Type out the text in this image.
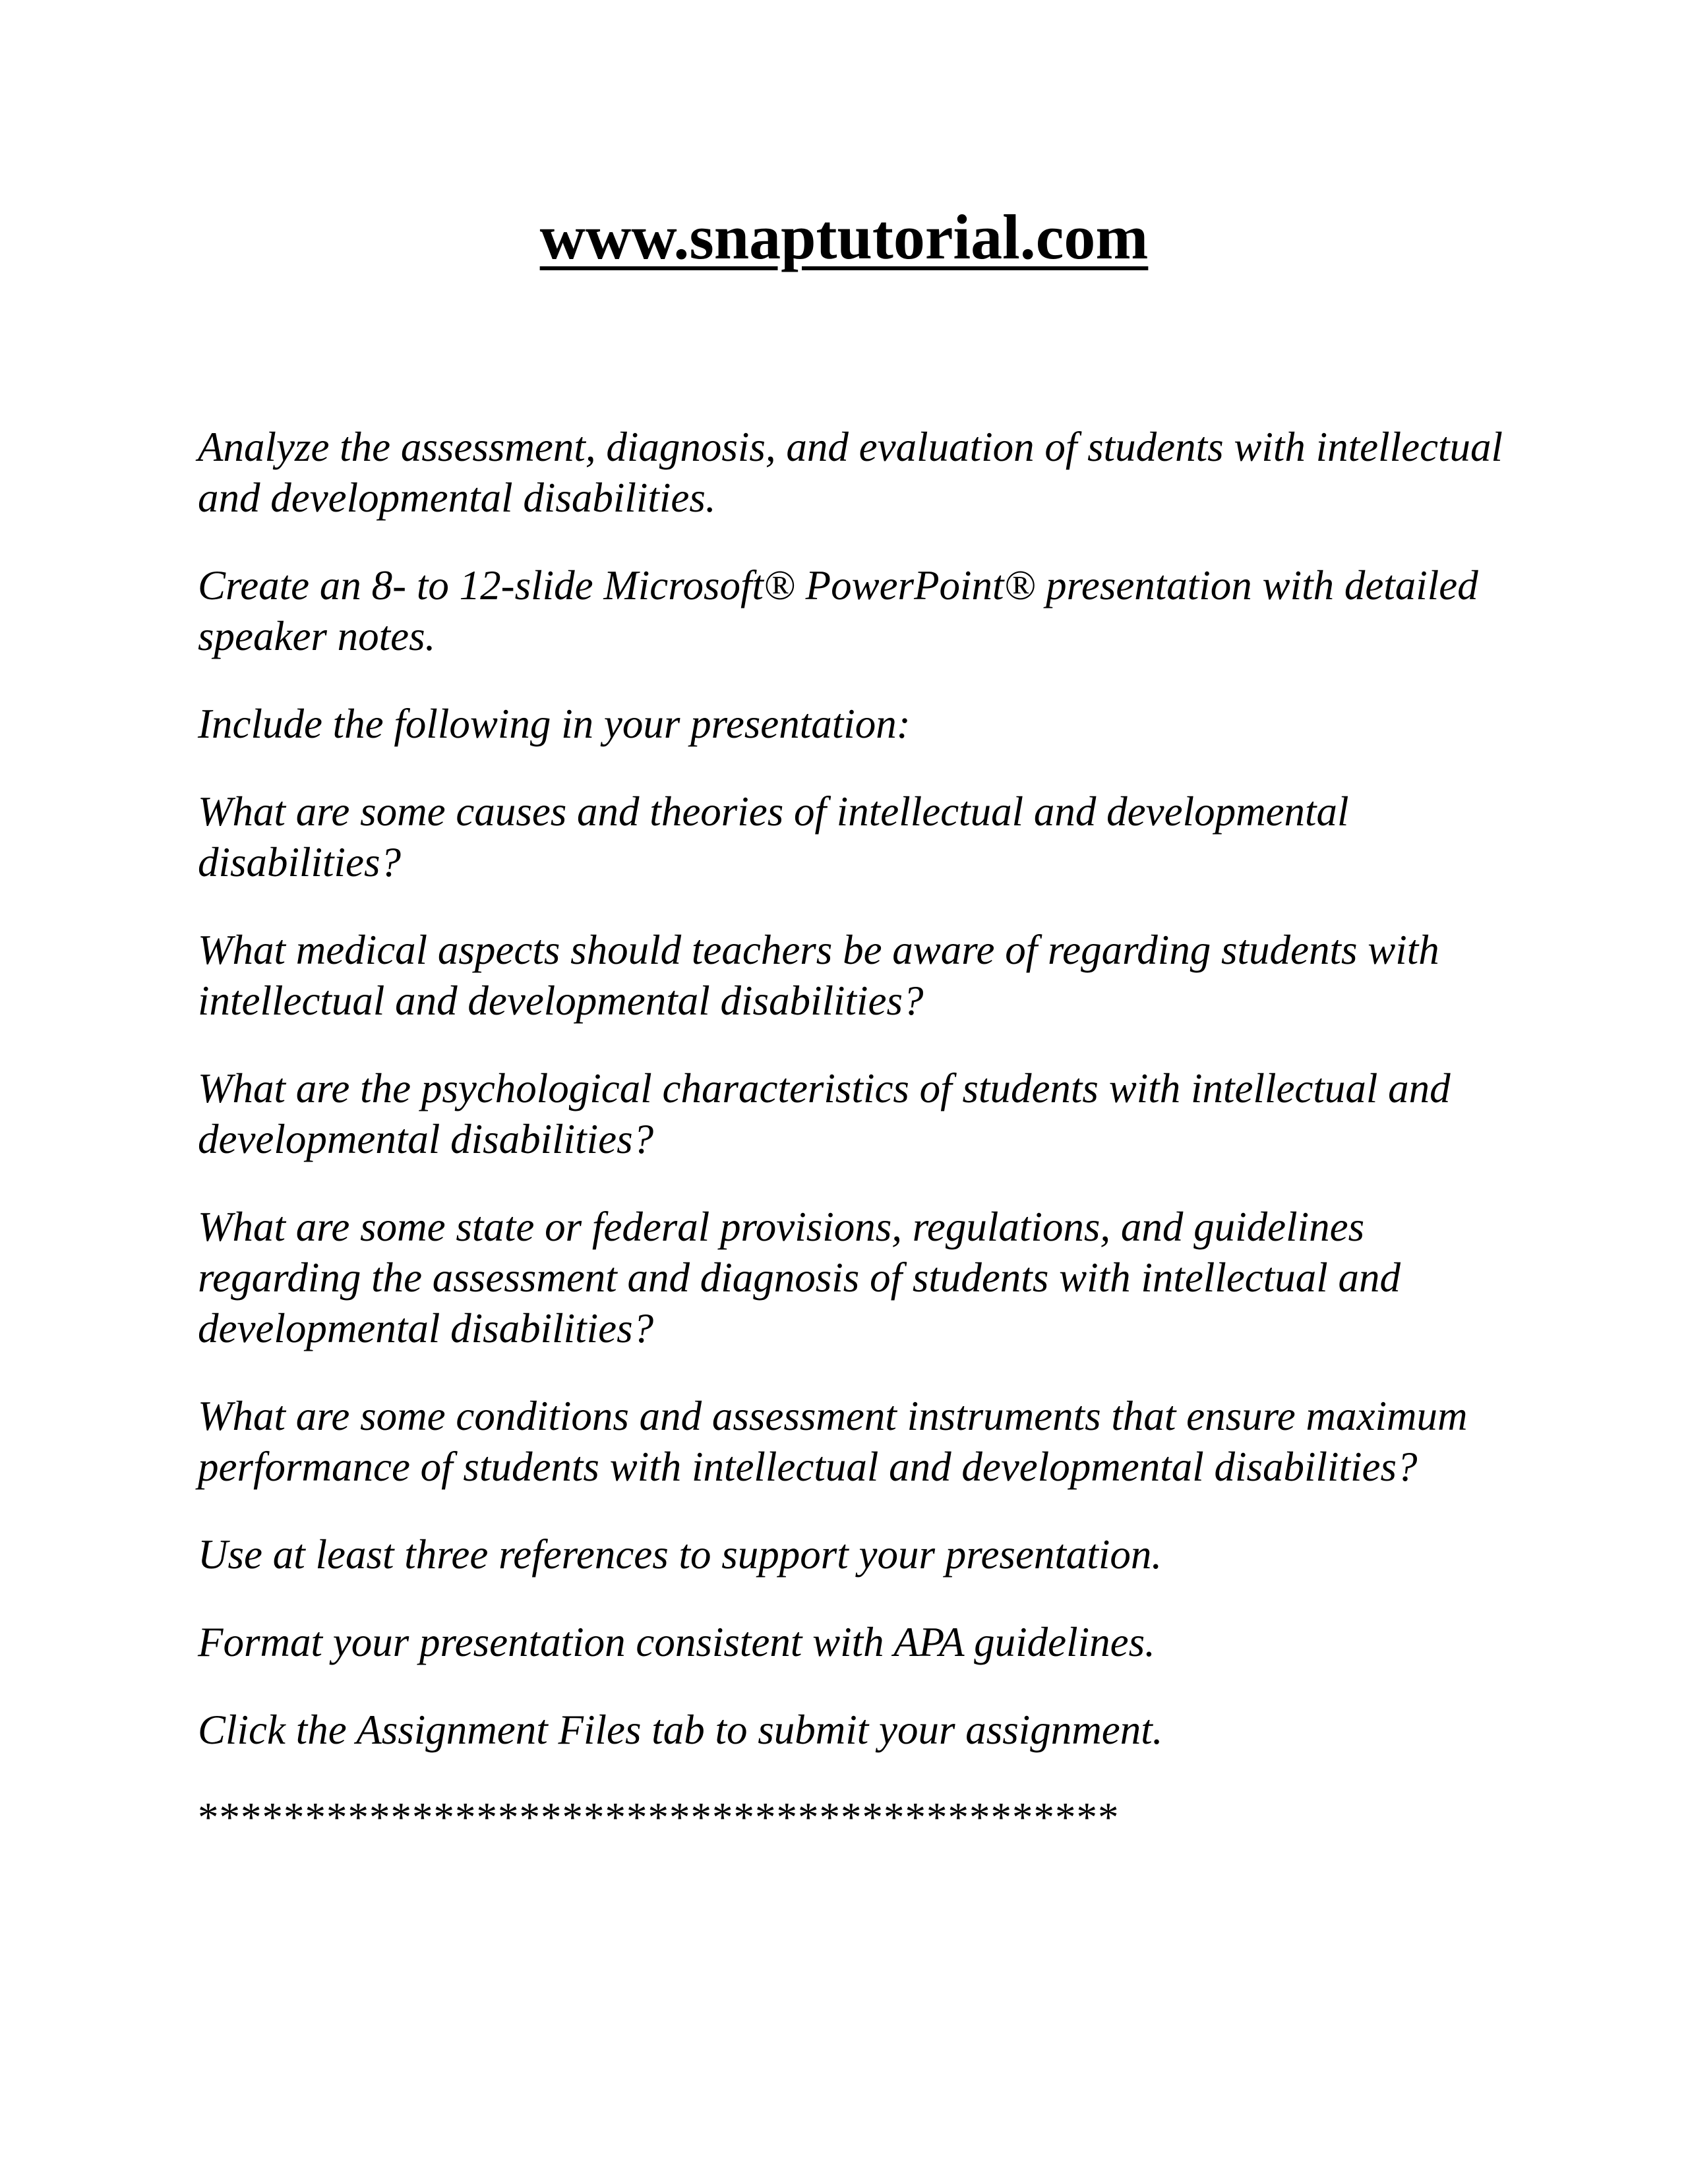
www.snaptutorial.com

Analyze the assessment, diagnosis, and evaluation of students with intellectual and developmental disabilities.

Create an 8- to 12-slide Microsoft® PowerPoint® presentation with detailed speaker notes.

Include the following in your presentation:

What are some causes and theories of intellectual and developmental disabilities?

What medical aspects should teachers be aware of regarding students with intellectual and developmental disabilities?

What are the psychological characteristics of students with intellectual and developmental disabilities?

What are some state or federal provisions, regulations, and guidelines regarding the assessment and diagnosis of students with intellectual and developmental disabilities?

What are some conditions and assessment instruments that ensure maximum performance of students with intellectual and developmental disabilities?

Use at least three references to support your presentation.

Format your presentation consistent with APA guidelines.

Click the Assignment Files tab to submit your assignment.

*******************************************
